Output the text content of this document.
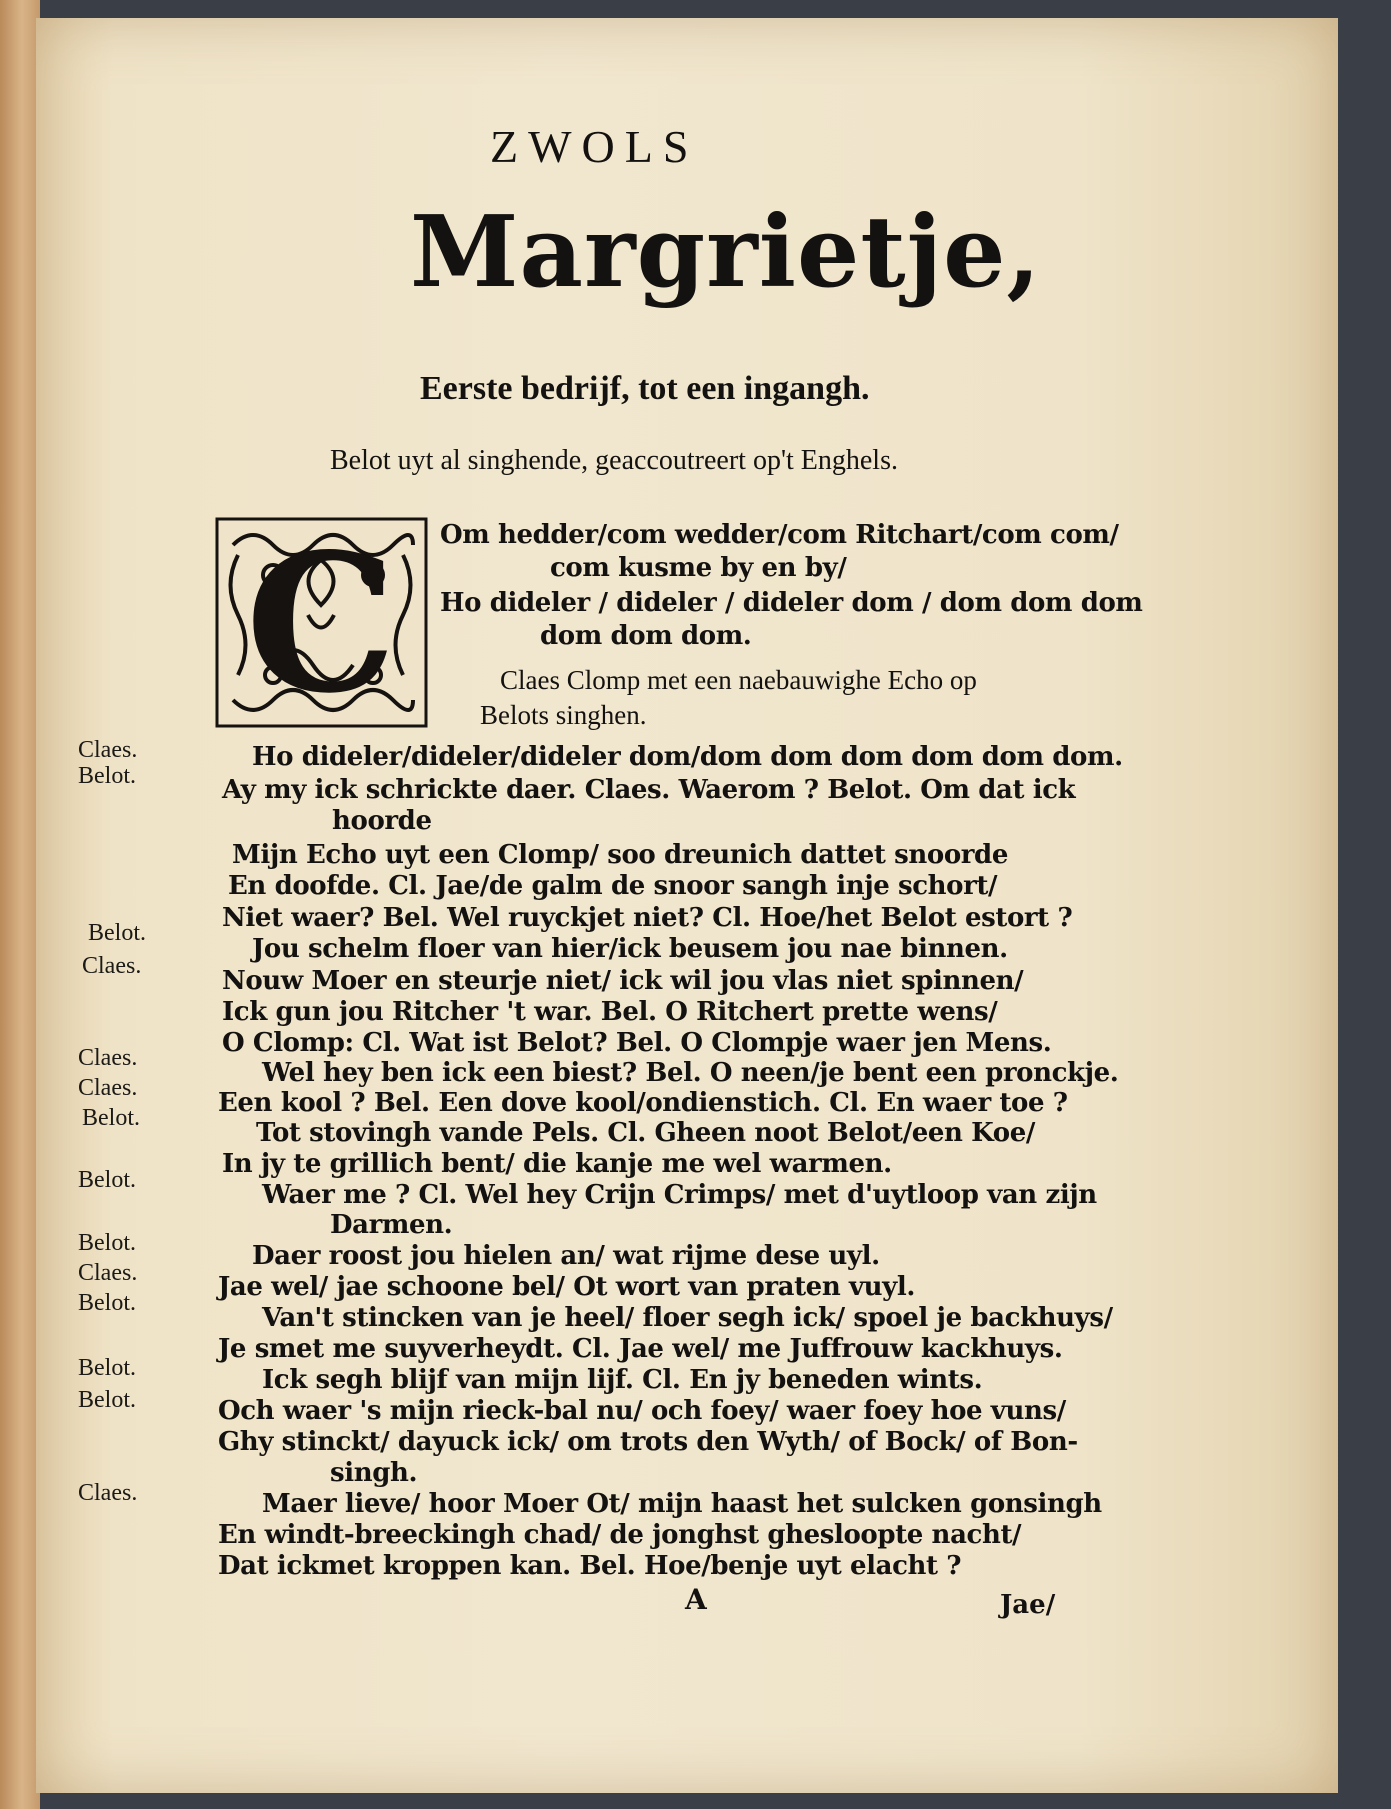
ZWOLS
Margrietje,
Eerste bedrijf, tot een ingangh.
Belot uyt al singhende, geaccoutreert op't Enghels.
C Om hedder/com wedder/com Ritchart/com com/
com kusme by en by/
Ho dideler / dideler / dideler dom / dom dom dom
dom dom dom.
Claes Clomp met een naebauwighe Echo op
Belots singhen.
Claes.
Belot.
Belot.
Claes.
Claes.
Claes.
Belot.
Belot.
Belot.
Claes.
Belot.
Belot.
Belot.
Claes.
Ho dideler/dideler/dideler dom/dom dom dom dom dom dom.
Ay my ick schrickte daer. Claes. Waerom ? Belot. Om dat ick
hoorde
Mijn Echo uyt een Clomp/ soo dreunich dattet snoorde
En doofde. Cl. Jae/de galm de snoor sangh inje schort/
Niet waer? Bel. Wel ruyckjet niet? Cl. Hoe/het Belot estort ?
Jou schelm floer van hier/ick beusem jou nae binnen.
Nouw Moer en steurje niet/ ick wil jou vlas niet spinnen/
Ick gun jou Ritcher 't war. Bel. O Ritchert prette wens/
O Clomp: Cl. Wat ist Belot? Bel. O Clompje waer jen Mens.
Wel hey ben ick een biest? Bel. O neen/je bent een pronckje.
Een kool ? Bel. Een dove kool/ondienstich. Cl. En waer toe ?
Tot stovingh vande Pels. Cl. Gheen noot Belot/een Koe/
In jy te grillich bent/ die kanje me wel warmen.
Waer me ? Cl. Wel hey Crijn Crimps/ met d'uytloop van zijn
Darmen.
Daer roost jou hielen an/ wat rijme dese uyl.
Jae wel/ jae schoone bel/ Ot wort van praten vuyl.
Van't stincken van je heel/ floer segh ick/ spoel je backhuys/
Je smet me suyverheydt. Cl. Jae wel/ me Juffrouw kackhuys.
Ick segh blijf van mijn lijf. Cl. En jy beneden wints.
Och waer 's mijn rieck-bal nu/ och foey/ waer foey hoe vuns/
Ghy stinckt/ dayuck ick/ om trots den Wyth/ of Bock/ of Bon-
singh.
Maer lieve/ hoor Moer Ot/ mijn haast het sulcken gonsingh
En windt-breeckingh chad/ de jonghst ghesloopte nacht/
Dat ickmet kroppen kan. Bel. Hoe/benje uyt elacht ?
A	Jae/
